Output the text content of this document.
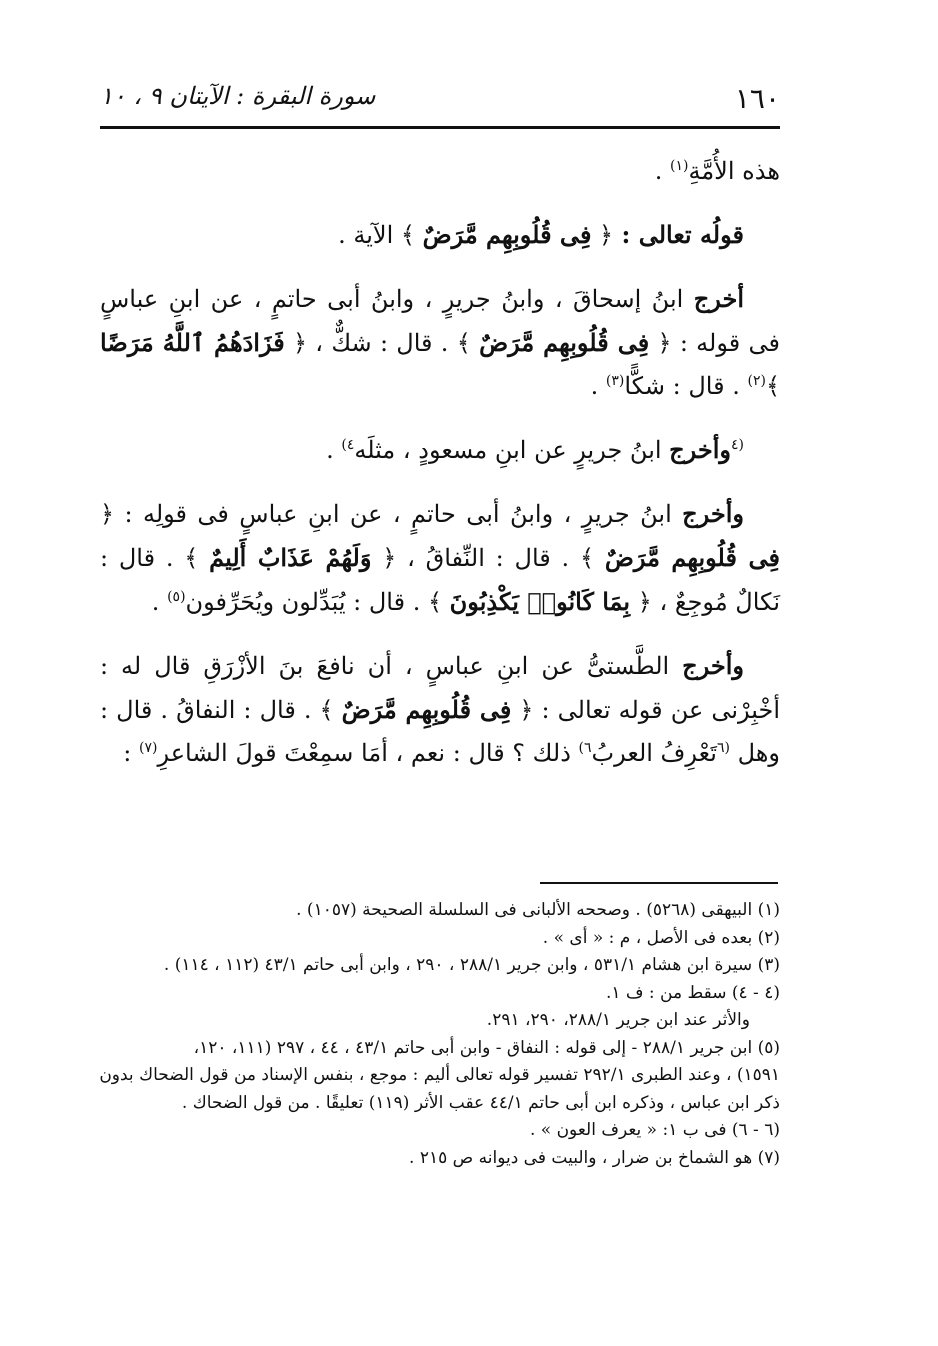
١٦٠
سورة البقرة : الآيتان ٩ ، ١٠

هذه الأُمَّةِ$^{(١)}$ .

قولُه تعالى : ﴿ فِى قُلُوبِهِم مَّرَضٌ ﴾ الآية .

أخرج ابنُ إسحاقَ ، وابنُ جريرٍ ، وابنُ أبى حاتمٍ ، عن ابنِ عباسٍ فى قوله : ﴿ فِى قُلُوبِهِم مَّرَضٌ ﴾ . قال : شكٌّ ، ﴿ فَزَادَهُمُ ٱللَّهُ مَرَضًا ﴾$^{(٢)}$ . قال : شكًّا$^{(٣)}$ .

$^{(٤}$وأخرج ابنُ جريرٍ عن ابنِ مسعودٍ ، مثلَه$^{٤)}$ .

وأخرج ابنُ جريرٍ ، وابنُ أبى حاتمٍ ، عن ابنِ عباسٍ فى قولِه : ﴿ فِى قُلُوبِهِم مَّرَضٌ ﴾ . قال : النِّفاقُ ، ﴿ وَلَهُمْ عَذَابٌ أَلِيمٌ ﴾ . قال : نَكالٌ مُوجِعٌ ، ﴿ بِمَا كَانُوا۟ يَكْذِبُونَ ﴾ . قال : يُبَدِّلون ويُحَرِّفون$^{(٥)}$ .

وأخرج الطَّستىُّ عن ابنِ عباسٍ ، أن نافعَ بنَ الأزْرَقِ قال له : أخْبِرْنى عن قوله تعالى : ﴿ فِى قُلُوبِهِم مَّرَضٌ ﴾ . قال : النفاقُ . قال : وهل $^{(٦}$تَعْرِفُ العربُ$^{٦)}$ ذلك ؟ قال : نعم ، أمَا سمِعْتَ قولَ الشاعرِ$^{(٧)}$ :

(١) البيهقى (٥٢٦٨) . وصححه الألبانى فى السلسلة الصحيحة (١٠٥٧) .

(٢) بعده فى الأصل ، م : « أى » .

(٣) سيرة ابن هشام ٥٣١/١ ، وابن جرير ٢٨٨/١ ، ٢٩٠ ، وابن أبى حاتم ٤٣/١ (١١٢ ، ١١٤) .

(٤ - ٤) سقط من : ف ١.

والأثر عند ابن جرير ٢٨٨/١، ٢٩٠، ٢٩١.

(٥) ابن جرير ٢٨٨/١ - إلى قوله : النفاق - وابن أبى حاتم ٤٣/١ ، ٤٤ ، ٢٩٧ (١١١، ١٢٠،

١٥٩١) ، وعند الطبرى ٢٩٢/١ تفسير قوله تعالى أليم : موجع ، بنفس الإسناد من قول الضحاك بدون

ذكر ابن عباس ، وذكره ابن أبى حاتم ٤٤/١ عقب الأثر (١١٩) تعليقًا . من قول الضحاك .

(٦ - ٦) فى ب ١: « يعرف العون » .

(٧) هو الشماخ بن ضرار ، والبيت فى ديوانه ص ٢١٥ .
